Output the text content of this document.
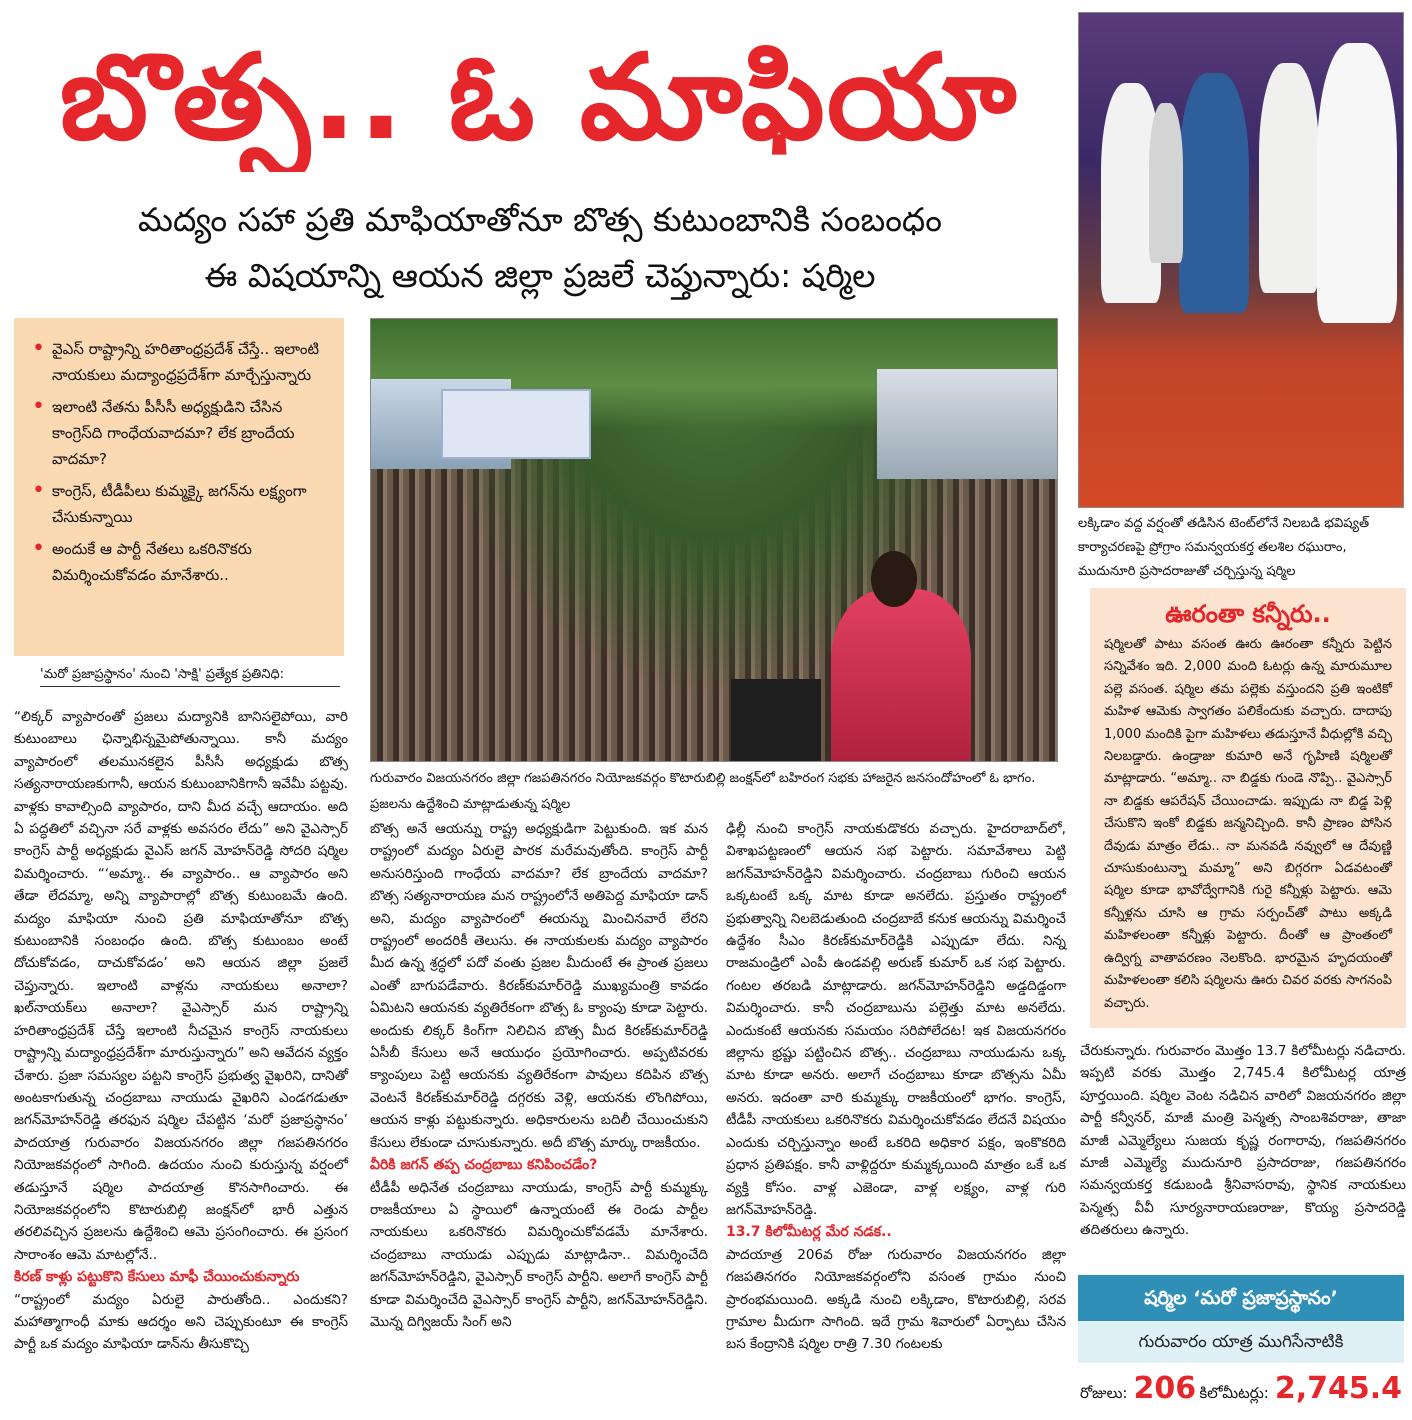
బొత్స.. ఓ మాఫియా
మద్యం సహా ప్రతి మాఫియాతోనూ బొత్స కుటుంబానికి సంబంధం
ఈ విషయాన్ని ఆయన జిల్లా ప్రజలే చెప్తున్నారు: షర్మిల
లక్కిడాం వద్ద వర్షంతో తడిసిన టెంట్‌లోనే నిలబడి భవిష్యత్ కార్యాచరణపై ప్రోగ్రాం సమన్వయకర్త తలశిల రఘురాం, ముదునూరి ప్రసాదరాజుతో చర్చిస్తున్న షర్మిల
• వైఎస్ రాష్ట్రాన్ని హరితాంధ్రప్రదేశ్ చేస్తే.. ఇలాంటి నాయకులు మద్యాంధ్రప్రదేశ్‌గా మార్చేస్తున్నారు
• ఇలాంటి నేతను పీసీసీ అధ్యక్షుడిని చేసిన కాంగ్రెస్‌ది గాంధేయవాదమా? లేక బ్రాందేయ వాదమా?
• కాంగ్రెస్, టీడీపీలు కుమ్మక్కై జగన్‌ను లక్ష్యంగా చేసుకున్నాయి
• అందుకే ఆ పార్టీ నేతలు ఒకరినొకరు విమర్శించుకోవడం మానేశారు..
గురువారం విజయనగరం జిల్లా గజపతినగరం నియోజకవర్గం కొటారుబిల్లి జంక్షన్‌లో బహిరంగ సభకు హాజరైన జనసందోహంలో ఓ భాగం. ప్రజలను ఉద్దేశించి మాట్లాడుతున్న షర్మిల
'మరో ప్రజాప్రస్థానం' నుంచి 'సాక్షి' ప్రత్యేక ప్రతినిధి:

“లిక్కర్ వ్యాపారంతో ప్రజలు మద్యానికి బానిసలైపోయి, వారి కుటుంబాలు ఛిన్నాభిన్నమైపోతున్నాయి. కానీ మద్యం వ్యాపారంలో తలమునకలైన పీసీసీ అధ్యక్షుడు బొత్స సత్యనారాయణకుగానీ, ఆయన కుటుంబానికిగానీ ఇవేమీ పట్టవు. వాళ్లకు కావాల్సింది వ్యాపారం, దాని మీద వచ్చే ఆదాయం. అది ఏ పద్ధతిలో వచ్చినా సరే వాళ్లకు అవసరం లేదు” అని వైఎస్సార్ కాంగ్రెస్ పార్టీ అధ్యక్షుడు వైఎస్ జగన్ మోహన్‌రెడ్డి సోదరి షర్మిల విమర్శించారు. “‘అమ్మా.. ఈ వ్యాపారం.. ఆ వ్యాపారం అని తేడా లేదమ్మా, అన్ని వ్యాపారాల్లో బొత్స కుటుంబమే ఉంది. మద్యం మాఫియా నుంచి ప్రతి మాఫియాతోనూ బొత్స కుటుంబానికి సంబంధం ఉంది. బొత్స కుటుంబం అంటే దోచుకోవడం, దాచుకోవడం’ అని ఆయన జిల్లా ప్రజలే చెప్తున్నారు. ఇలాంటి వాళ్లను నాయకులు అనాలా? ఖల్‌నాయక్‌లు అనాలా? వైఎస్సార్ మన రాష్ట్రాన్ని హరితాంధ్రప్రదేశ్ చేస్తే ఇలాంటి నీచమైన కాంగ్రెస్ నాయకులు రాష్ట్రాన్ని మద్యాంధ్రప్రదేశ్‌గా మారుస్తున్నారు” అని ఆవేదన వ్యక్తం చేశారు. ప్రజా సమస్యల పట్టని కాంగ్రెస్ ప్రభుత్వ వైఖరిని, దానితో అంటకాగుతున్న చంద్రబాబు నాయుడు వైఖరిని ఎండగడుతూ జగన్‌మోహన్‌రెడ్డి తరఫున షర్మిల చేపట్టిన ‘మరో ప్రజాప్రస్థానం’ పాదయాత్ర గురువారం విజయనగరం జిల్లా గజపతినగరం నియోజకవర్గంలో సాగింది. ఉదయం నుంచి కురుస్తున్న వర్షంలో తడుస్తూనే షర్మిల పాదయాత్ర కొనసాగించారు. ఈ నియోజకవర్గంలోని కొటారుబిల్లి జంక్షన్‌లో భారీ ఎత్తున తరలివచ్చిన ప్రజలను ఉద్దేశించి ఆమె ప్రసంగించారు. ఈ ప్రసంగ సారాంశం ఆమె మాటల్లోనే..

కిరణ్ కాళ్లు పట్టుకొని కేసులు మాఫీ చేయించుకున్నారు

“రాష్ట్రంలో మద్యం ఏరులై పారుతోంది.. ఎందుకని? మహాత్మాగాంధీ మాకు ఆదర్శం అని చెప్పుకుంటూ ఈ కాంగ్రెస్ పార్టీ ఒక మద్యం మాఫియా డాన్‌ను తీసుకొచ్చి

బొత్స అనే ఆయన్ను రాష్ట్ర అధ్యక్షుడిగా పెట్టుకుంది. ఇక మన రాష్ట్రంలో మద్యం ఏరులై పారక మరేమవుతోంది. కాంగ్రెస్ పార్టీ అనుసరిస్తుంది గాంధేయ వాదమా? లేక బ్రాందేయ వాదమా? బొత్స సత్యనారాయణ మన రాష్ట్రంలోనే అతిపెద్ద మాఫియా డాన్ అని, మద్యం వ్యాపారంలో ఈయన్ను మించినవారే లేరని రాష్ట్రంలో అందరికీ తెలుసు. ఈ నాయకులకు మద్యం వ్యాపారం మీద ఉన్న శ్రద్ధలో పదో వంతు ప్రజల మీదుంటే ఈ ప్రాంత ప్రజలు ఎంతో బాగుపడేవారు. కిరణ్‌కుమార్‌రెడ్డి ముఖ్యమంత్రి కావడం ఏమిటని ఆయనకు వ్యతిరేకంగా బొత్స ఓ క్యాంపు కూడా పెట్టారు. అందుకు లిక్కర్ కింగ్‌గా నిలిచిన బొత్స మీద కిరణ్‌కుమార్‌రెడ్డి ఏసీబీ కేసులు అనే ఆయుధం ప్రయోగించారు. అప్పటివరకు క్యాంపులు పెట్టి ఆయనకు వ్యతిరేకంగా పావులు కదిపిన బొత్స వెంటనే కిరణ్‌కుమార్‌రెడ్డి దగ్గరకు వెళ్లి, ఆయనకు లొంగిపోయి, ఆయన కాళ్లు పట్టుకున్నారు. అధికారులను బదిలీ చేయించుకుని కేసులు లేకుండా చూసుకున్నారు. అదీ బొత్స మార్కు రాజకీయం.

వీరికి జగన్ తప్ప చంద్రబాబు కనిపించడేం?

టీడీపీ అధినేత చంద్రబాబు నాయుడు, కాంగ్రెస్ పార్టీ కుమ్మక్కు రాజకీయాలు ఏ స్థాయిలో ఉన్నాయంటే ఈ రెండు పార్టీల నాయకులు ఒకరినొకరు విమర్శించుకోవడమే మానేశారు. చంద్రబాబు నాయుడు ఎప్పుడు మాట్లాడినా.. విమర్శించేది జగన్‌మోహన్‌రెడ్డిని, వైఎస్సార్ కాంగ్రెస్ పార్టీని. అలాగే కాంగ్రెస్ పార్టీ కూడా విమర్శించేది వైఎస్సార్ కాంగ్రెస్ పార్టీని, జగన్‌మోహన్‌రెడ్డిని. మొన్న దిగ్విజయ్ సింగ్ అని

ఢిల్లీ నుంచి కాంగ్రెస్ నాయకుడొకరు వచ్చారు. హైదరాబాద్‌లో, విశాఖపట్టణంలో ఆయన సభ పెట్టారు. సమావేశాలు పెట్టి జగన్‌మోహన్‌రెడ్డిని విమర్శించారు. చంద్రబాబు గురించి ఆయన ఒక్కటంటే ఒక్క మాట కూడా అనలేదు. ప్రస్తుతం రాష్ట్రంలో ప్రభుత్వాన్ని నిలబెడుతుంది చంద్రబాబే కనుక ఆయన్ను విమర్శించే ఉద్దేశం సీఎం కిరణ్‌కుమార్‌రెడ్డికి ఎప్పుడూ లేదు. నిన్న రాజమండ్రిలో ఎంపీ ఉండవల్లి అరుణ్ కుమార్ ఒక సభ పెట్టారు. గంటల తరబడి మాట్లాడారు. జగన్‌మోహన్‌రెడ్డిని అడ్డదిడ్డంగా విమర్శించారు. కానీ చంద్రబాబును పల్లెత్తు మాట అనలేదు. ఎందుకంటే ఆయనకు సమయం సరిపోలేదట! ఇక విజయనగరం జిల్లాను భ్రష్టు పట్టించిన బొత్స.. చంద్రబాబు నాయుడును ఒక్క మాట కూడా అనరు. అలాగే చంద్రబాబు కూడా బొత్సను ఏమీ అనరు. ఇదంతా వారి కుమ్మక్కు రాజకీయంలో భాగం. కాంగ్రెస్, టీడీపీ నాయకులు ఒకరినొకరు విమర్శించుకోవడం లేదనే విషయం ఎందుకు చర్చిస్తున్నాం అంటే ఒకరిది అధికార పక్షం, ఇంకొకరిది ప్రధాన ప్రతిపక్షం. కానీ వాళ్లిద్దరూ కుమ్మక్కయింది మాత్రం ఒకే ఒక వ్యక్తి కోసం. వాళ్ల ఎజెండా, వాళ్ల లక్ష్యం, వాళ్ల గురి జగన్‌మోహన్‌రెడ్డి.

13.7 కిలోమీటర్ల మేర నడక..

పాదయాత్ర 206వ రోజు గురువారం విజయనగరం జిల్లా గజపతినగరం నియోజకవర్గంలోని వసంత గ్రామం నుంచి ప్రారంభమయింది. అక్కడి నుంచి లక్కిడాం, కొటారుబిల్లి, సరవ గ్రామాల మీదుగా సాగింది. ఇదే గ్రామ శివారులో ఏర్పాటు చేసిన బస కేంద్రానికి షర్మిల రాత్రి 7.30 గంటలకు

ఊరంతా కన్నీరు..
షర్మిలతో పాటు వసంత ఊరు ఊరంతా కన్నీరు పెట్టిన సన్నివేశం ఇది. 2,000 మంది ఓటర్లు ఉన్న మారుమూల పల్లె వసంత. షర్మిల తమ పల్లెకు వస్తుందని ప్రతి ఇంటికో మహిళ ఆమెకు స్వాగతం పలికేందుకు వచ్చారు. దాదాపు 1,000 మందికి పైగా మహిళలు తడుస్తూనే వీధుల్లోకి వచ్చి నిలబడ్డారు. ఉండ్రాజు కుమారి అనే గృహిణి షర్మిలతో మాట్లాడారు. “అమ్మా.. నా బిడ్డకు గుండె నొప్పి.. వైఎస్సార్ నా బిడ్డకు ఆపరేషన్ చేయించాడు. ఇప్పుడు నా బిడ్డ పెళ్లి చేసుకొని ఇంకో బిడ్డకు జన్మనిచ్చింది. కానీ ప్రాణం పోసిన దేవుడు మాత్రం లేడు.. నా మనవడి నవ్వులో ఆ దేవుణ్ణి చూసుకుంటున్నా మమ్మా” అని బిగ్గరగా ఏడవటంతో షర్మిల కూడా భావోద్వేగానికి గురై కన్నీళ్లు పెట్టారు. ఆమె కన్నీళ్లను చూసి ఆ గ్రామ సర్పంచ్‌తో పాటు అక్కడి మహిళలంతా కన్నీళ్లు పెట్టారు. దీంతో ఆ ప్రాంతంలో ఉద్విగ్న వాతావరణం నెలకొంది. భారమైన హృదయంతో మహిళలంతా కలిసి షర్మిలను ఊరు చివర వరకు సాగనంపి వచ్చారు.
చేరుకున్నారు. గురువారం మొత్తం 13.7 కిలోమీటర్లు నడిచారు. ఇప్పటి వరకు మొత్తం 2,745.4 కిలోమీటర్ల యాత్ర పూర్తయింది. షర్మిల వెంట నడిచిన వారిలో విజయనగరం జిల్లా పార్టీ కన్వీనర్, మాజీ మంత్రి పెన్మత్స సాంబశివరాజు, తాజా మాజీ ఎమ్మెల్యేలు సుజయ కృష్ణ రంగారావు, గజపతినగరం మాజీ ఎమ్మెల్యే ముదునూరి ప్రసాదరాజు, గజపతినగరం సమన్వయకర్త కడుబండి శ్రీనివాసరావు, స్థానిక నాయకులు పెన్మత్స వీవీ సూర్యనారాయణరాజు, కొయ్య ప్రసాదరెడ్డి తదితరులు ఉన్నారు.
షర్మిల ‘మరో ప్రజాప్రస్థానం’
గురువారం యాత్ర ముగిసేనాటికి
రోజులు: 206 కిలోమీటర్లు: 2,745.4
